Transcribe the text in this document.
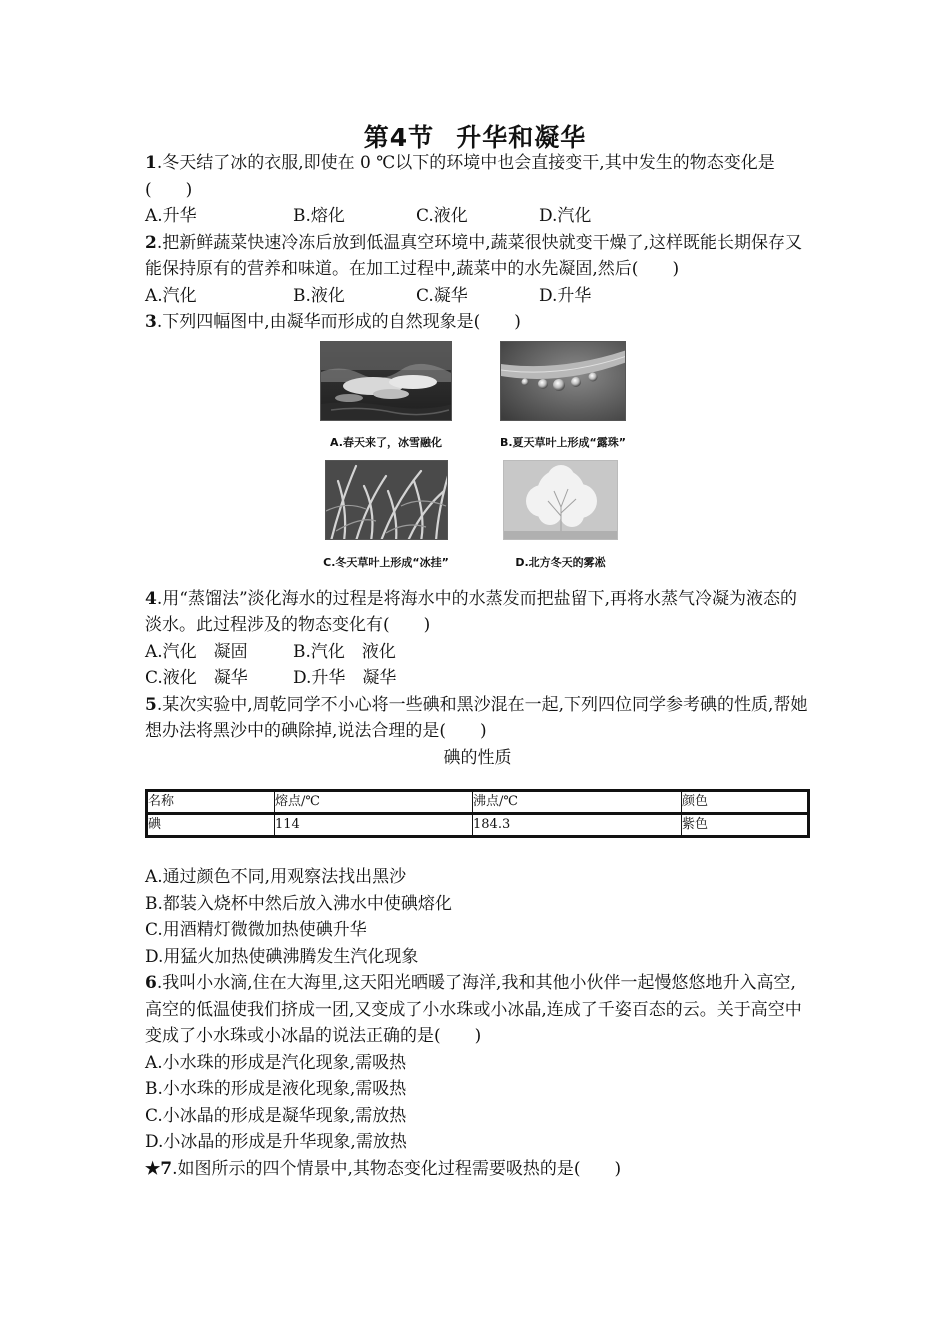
第4节 升华和凝华

1.冬天结了冰的衣服,即使在 0 ℃以下的环境中也会直接变干,其中发生的物态变化是(　　)

A.升华	B.熔化	C.液化	D.汽化

2.把新鲜蔬菜快速冷冻后放到低温真空环境中,蔬菜很快就变干燥了,这样既能长期保存又能保持原有的营养和味道。在加工过程中,蔬菜中的水先凝固,然后(　　)

A.汽化	B.液化	C.凝华	D.升华

3.下列四幅图中,由凝华而形成的自然现象是(　　)

A.春天来了，冰雪融化	B.夏天草叶上形成“露珠”
C.冬天草叶上形成“冰挂”	D.北方冬天的雾凇

4.用“蒸馏法”淡化海水的过程是将海水中的水蒸发而把盐留下,再将水蒸气冷凝为液态的淡水。此过程涉及的物态变化有(　　)

A.汽化　凝固	B.汽化　液化
C.液化　凝华	D.升华　凝华

5.某次实验中,周乾同学不小心将一些碘和黑沙混在一起,下列四位同学参考碘的性质,帮她想办法将黑沙中的碘除掉,说法合理的是(　　)

碘的性质

名称	熔点/℃	沸点/℃	颜色
碘	114	184.3	紫色

A.通过颜色不同,用观察法找出黑沙

B.都装入烧杯中然后放入沸水中使碘熔化

C.用酒精灯微微加热使碘升华

D.用猛火加热使碘沸腾发生汽化现象

6.我叫小水滴,住在大海里,这天阳光晒暖了海洋,我和其他小伙伴一起慢悠悠地升入高空,高空的低温使我们挤成一团,又变成了小水珠或小冰晶,连成了千姿百态的云。关于高空中变成了小水珠或小冰晶的说法正确的是(　　)

A.小水珠的形成是汽化现象,需吸热

B.小水珠的形成是液化现象,需吸热

C.小冰晶的形成是凝华现象,需放热

D.小冰晶的形成是升华现象,需放热

★7.如图所示的四个情景中,其物态变化过程需要吸热的是(　　)
